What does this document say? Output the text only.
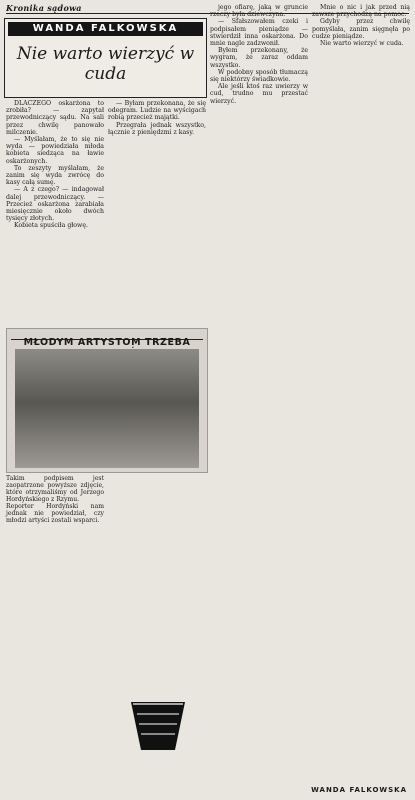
Kronika sądowa
WANDA FALKOWSKA
Nie warto wierzyć w cuda

DLACZEGO oskarżona to zrobiła? — zapytał przewodniczący sądu. Na sali przez chwilę panowało milczenie.

— Myślałam, że to się nie wyda — powiedziała młoda kobieta siedząca na ławie oskarżonych.

To zeszyty myślałam, że zanim się wyda zwrócę do kasy całą sumę.

— A z czego? — indagował dalej przewodniczący. — Przecież oskarżona zarabiała miesięcznie około dwóch tysięcy złotych.

Kobieta spuściła głowę.

— Byłam przekonana, że się odegram. Ludzie na wyścigach robią przecież majątki.

Przegrała jednak wszystko, łącznie z pieniędzmi z kasy.

MŁODYM ARTYSTOM TRZEBA

Takim podpisem jest zaopatrzone powyższe zdjęcie, które otrzymaliśmy od Jerzego Hordyńskiego z Rzymu.

Reporter Hordyński nam jednak nie powiedział, czy młodzi artyści zostali wsparci.

jego ofiarę, jaką w gruncie rzeczy była dziewczyna.

— Sfałszowałem czeki i podpisałem pieniądze — stwierdził inna oskarżona. Do mnie nagle zadzwonił.

Byłem przekonany, że wygram, że zaraz oddam wszystko.

W podobny sposób tłumaczą się niektórzy świadkowie.

Ale jeśli ktoś raz uwierzy w cud, trudno mu przestać wierzyć.

Mnie o nic i jak przed nią zawsze przychodzą na pomoc.

Gdyby przez chwilę pomyślała, zanim sięgnęła po cudze pieniądze.

Nie warto wierzyć w cuda.

WANDA FALKOWSKA
